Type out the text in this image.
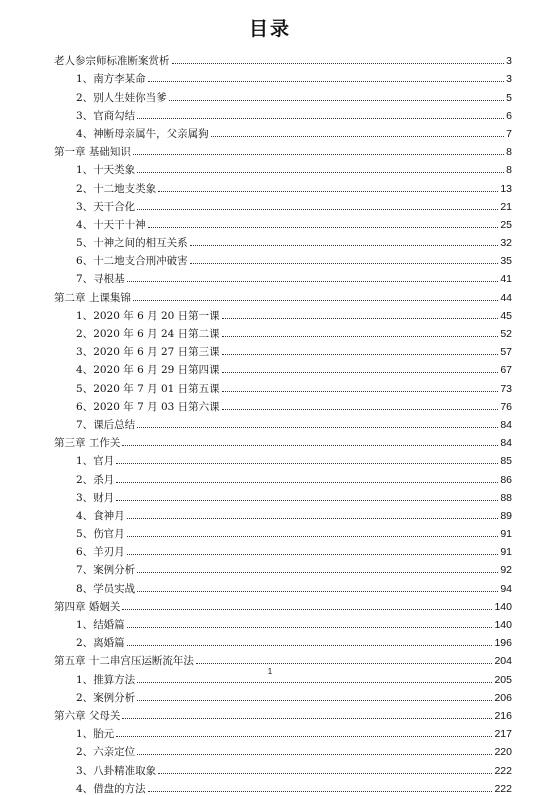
目录
老人参宗师标准断案赏析	3
1、 南方李某命	3
2、 别人生娃你当爹	5
3、 官商勾结	6
4、 神断母亲属牛，父亲属狗	7
第一章 基础知识	8
1、 十天类象	8
2、 十二地支类象	13
3、 天干合化	21
4、 十天干十神	25
5、 十神之间的相互关系	32
6、 十二地支合刑冲破害	35
7、 寻根基	41
第二章 上课集锦	44
1、 2020 年 6 月 20 日第一课	45
2、 2020 年 6 月 24 日第二课	52
3、 2020 年 6 月 27 日第三课	57
4、 2020 年 6 月 29 日第四课	67
5、 2020 年 7 月 01 日第五课	73
6、 2020 年 7 月 03 日第六课	76
7、 课后总结	84
第三章 工作关	84
1、 官月	85
2、 杀月	86
3、 财月	88
4、 食神月	89
5、 伤官月	91
6、 羊刃月	91
7、 案例分析	92
8、 学员实战	94
第四章 婚姻关	140
1、 结婚篇	140
2、 离婚篇	196
第五章 十二串宫压运断流年法	204
1、 推算方法	205
2、 案例分析	206
第六章 父母关	216
1、 胎元	217
2、 六亲定位	220
3、 八卦精准取象	222
4、 借盘的方法	222
1
